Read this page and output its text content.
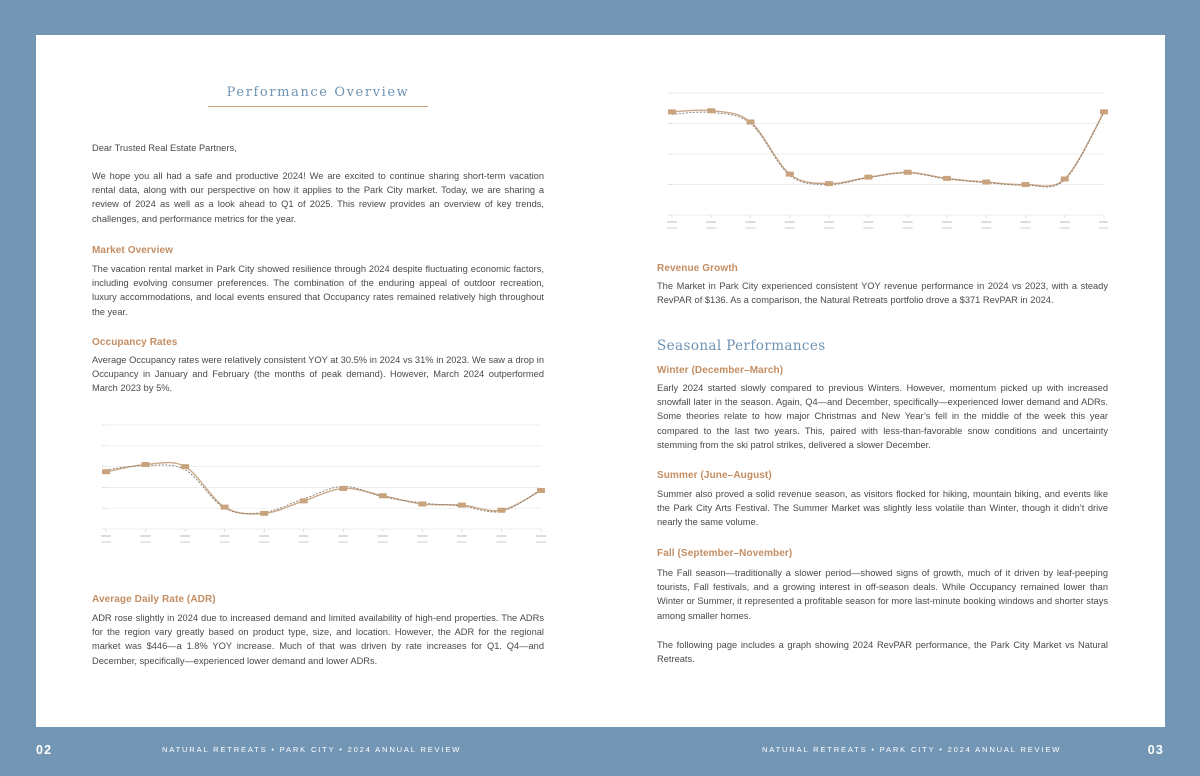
Performance Overview

Dear Trusted Real Estate Partners,

We hope you all had a safe and productive 2024! We are excited to continue sharing short-term vacation rental data, along with our perspective on how it applies to the Park City market. Today, we are sharing a review of 2024 as well as a look ahead to Q1 of 2025. This review provides an overview of key trends, challenges, and performance metrics for the year.

Market Overview

The vacation rental market in Park City showed resilience through 2024 despite fluctuating economic factors, including evolving consumer preferences. The combination of the enduring appeal of outdoor recreation, luxury accommodations, and local events ensured that Occupancy rates remained relatively high throughout the year.

Occupancy Rates

Average Occupancy rates were relatively consistent YOY at 30.5% in 2024 vs 31% in 2023. We saw a drop in Occupancy in January and February (the months of peak demand). However, March 2024 outperformed March 2023 by 5%.

Average Daily Rate (ADR)

ADR rose slightly in 2024 due to increased demand and limited availability of high-end properties. The ADRs for the region vary greatly based on product type, size, and location. However, the ADR for the regional market was $446—a 1.8% YOY increase. Much of that was driven by rate increases for Q1. Q4—and December, specifically—experienced lower demand and lower ADRs.

Revenue Growth

The Market in Park City experienced consistent YOY revenue performance in 2024 vs 2023, with a steady RevPAR of $136. As a comparison, the Natural Retreats portfolio drove a $371 RevPAR in 2024.

Seasonal Performances
Winter (December–March)

Early 2024 started slowly compared to previous Winters. However, momentum picked up with increased snowfall later in the season. Again, Q4—and December, specifically—experienced lower demand and ADRs. Some theories relate to how major Christmas and New Year’s fell in the middle of the week this year compared to the last two years. This, paired with less-than-favorable snow conditions and uncertainty stemming from the ski patrol strikes, delivered a slower December.

Summer (June–August)

Summer also proved a solid revenue season, as visitors flocked for hiking, mountain biking, and events like the Park City Arts Festival. The Summer Market was slightly less volatile than Winter, though it didn’t drive nearly the same volume.

Fall (September–November)

The Fall season—traditionally a slower period—showed signs of growth, much of it driven by leaf-peeping tourists, Fall festivals, and a growing interest in off-season deals. While Occupancy remained lower than Winter or Summer, it represented a profitable season for more last-minute booking windows and shorter stays among smaller homes.

The following page includes a graph showing 2024 RevPAR performance, the Park City Market vs Natural Retreats.

02	NATURAL RETREATS • PARK CITY • 2024 ANNUAL REVIEW	NATURAL RETREATS • PARK CITY • 2024 ANNUAL REVIEW	03
